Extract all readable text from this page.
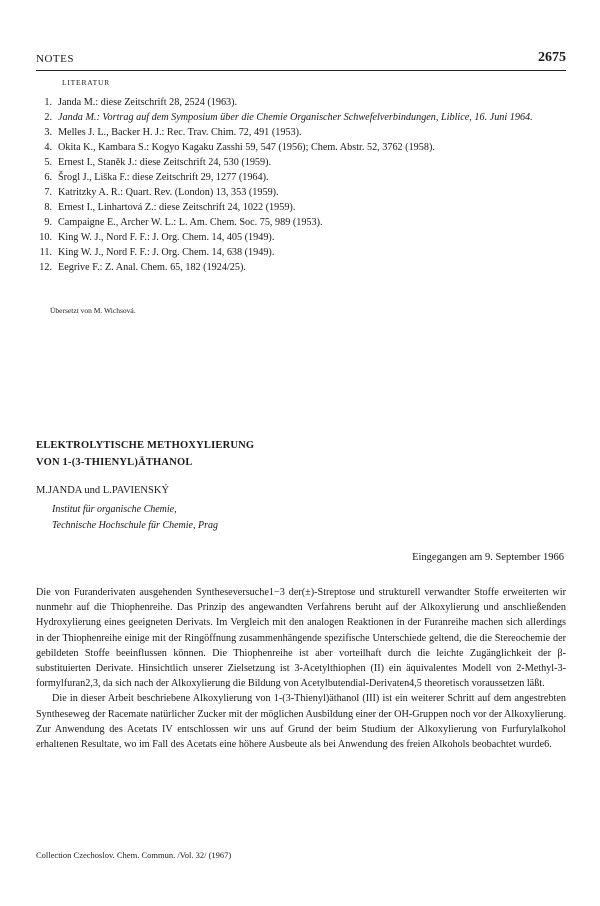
NOTES	2675
LITERATUR
1. Janda M.: diese Zeitschrift 28, 2524 (1963).
2. Janda M.: Vortrag auf dem Symposium über die Chemie Organischer Schwefelverbindungen, Liblice, 16. Juni 1964.
3. Melles J. L., Backer H. J.: Rec. Trav. Chim. 72, 491 (1953).
4. Okita K., Kambara S.: Kogyo Kagaku Zasshi 59, 547 (1956); Chem. Abstr. 52, 3762 (1958).
5. Ernest I., Staněk J.: diese Zeitschrift 24, 530 (1959).
6. Šrogl J., Liška F.: diese Zeitschrift 29, 1277 (1964).
7. Katritzky A. R.: Quart. Rev. (London) 13, 353 (1959).
8. Ernest I., Linhartová Z.: diese Zeitschrift 24, 1022 (1959).
9. Campaigne E., Archer W. L.: L. Am. Chem. Soc. 75, 989 (1953).
10. King W. J., Nord F. F.: J. Org. Chem. 14, 405 (1949).
11. King W. J., Nord F. F.: J. Org. Chem. 14, 638 (1949).
12. Eegrive F.: Z. Anal. Chem. 65, 182 (1924/25).
Übersetzt von M. Wichsová.
ELEKTROLYTISCHE METHOXYLIERUNG
VON 1-(3-THIENYL)ÄTHANOL
M.JANDA und L.PAVIENSKÝ
Institut für organische Chemie,
Technische Hochschule für Chemie, Prag
Eingegangen am 9. September 1966

Die von Furanderivaten ausgehenden Syntheseversuche1−3 der(±)-Streptose und strukturell verwandter Stoffe erweiterten wir nunmehr auf die Thiophenreihe. Das Prinzip des angewandten Verfahrens beruht auf der Alkoxylierung und anschließenden Hydroxylierung eines geeigneten Derivats. Im Vergleich mit den analogen Reaktionen in der Furanreihe machen sich allerdings in der Thiophenreihe einige mit der Ringöffnung zusammenhängende spezifische Unterschiede geltend, die die Stereochemie der gebildeten Stoffe beeinflussen können. Die Thiophenreihe ist aber vorteilhaft durch die leichte Zugänglichkeit der β-substituierten Derivate. Hinsichtlich unserer Zielsetzung ist 3-Acetylthiophen (II) ein äquivalentes Modell von 2-Methyl-3-formylfuran2,3, da sich nach der Alkoxylierung die Bildung von Acetylbutendial-Derivaten4,5 theoretisch voraussetzen läßt.

Die in dieser Arbeit beschriebene Alkoxylierung von 1-(3-Thienyl)äthanol (III) ist ein weiterer Schritt auf dem angestrebten Syntheseweg der Racemate natürlicher Zucker mit der möglichen Ausbildung einer der OH-Gruppen noch vor der Alkoxylierung. Zur Anwendung des Acetats IV entschlossen wir uns auf Grund der beim Studium der Alkoxylierung von Furfurylalkohol erhaltenen Resultate, wo im Fall des Acetats eine höhere Ausbeute als bei Anwendung des freien Alkohols beobachtet wurde6.

Collection Czechoslov. Chem. Commun. /Vol. 32/ (1967)
